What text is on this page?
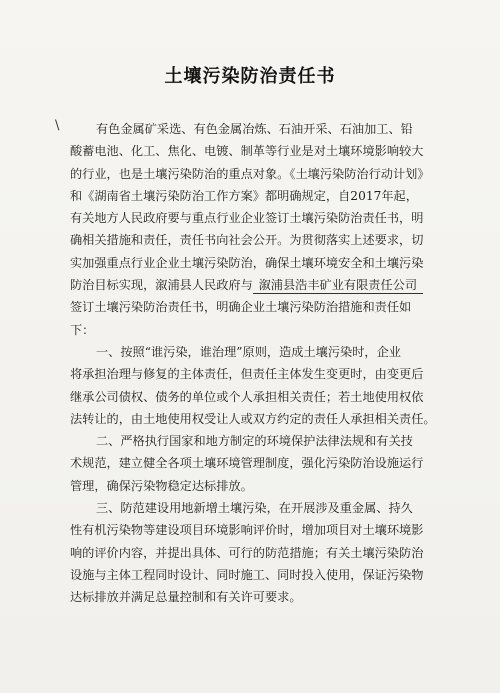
土壤污染防治责任书
\	有色金属矿采选、有色金属冶炼、石油开采、石油加工、铅
酸蓄电池、化工、焦化、电镀、制革等行业是对土壤环境影响较大
的行业，也是土壤污染防治的重点对象。《土壤污染防治行动计划》
和《湖南省土壤污染防治工作方案》都明确规定，自2017年起，
有关地方人民政府要与重点行业企业签订土壤污染防治责任书，明
确相关措施和责任，责任书向社会公开。为贯彻落实上述要求，切
实加强重点行业企业土壤污染防治，确保土壤环境安全和土壤污染
防治目标实现，溆浦县人民政府与 溆浦县浩丰矿业有限责任公司
签订土壤污染防治责任书，明确企业土壤污染防治措施和责任如
下：
一、按照“谁污染，谁治理”原则，造成土壤污染时，企业
将承担治理与修复的主体责任，但责任主体发生变更时，由变更后
继承公司债权、债务的单位或个人承担相关责任；若土地使用权依
法转让的，由土地使用权受让人或双方约定的责任人承担相关责任。
二、严格执行国家和地方制定的环境保护法律法规和有关技
术规范，建立健全各项土壤环境管理制度，强化污染防治设施运行
管理，确保污染物稳定达标排放。
三、防范建设用地新增土壤污染，在开展涉及重金属、持久
性有机污染物等建设项目环境影响评价时，增加项目对土壤环境影
响的评价内容，并提出具体、可行的防范措施；有关土壤污染防治
设施与主体工程同时设计、同时施工、同时投入使用，保证污染物
达标排放并满足总量控制和有关许可要求。
